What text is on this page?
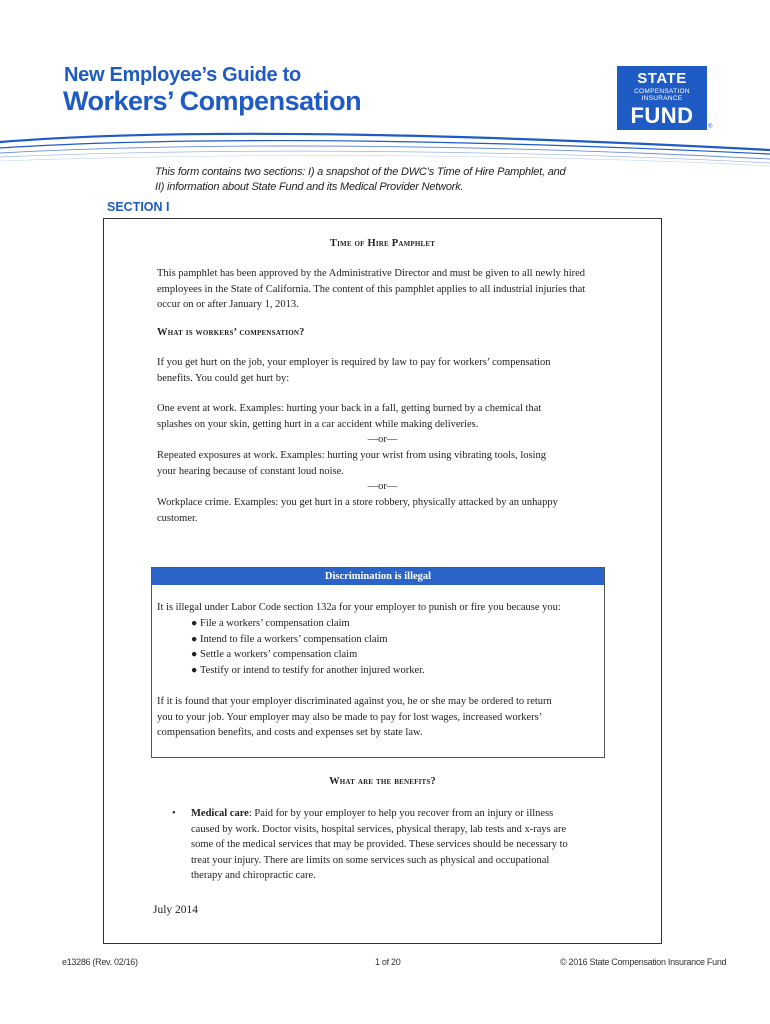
New Employee’s Guide to
Workers’ Compensation
STATE
COMPENSATION
INSURANCE
FUND	®
This form contains two sections: I) a snapshot of the DWC’s Time of Hire Pamphlet, and
II) information about State Fund and its Medical Provider Network.
SECTION I
Time of Hire Pamphlet
This pamphlet has been approved by the Administrative Director and must be given to all newly hired
employees in the State of California. The content of this pamphlet applies to all industrial injuries that
occur on or after January 1, 2013.
What is workers’ compensation?
If you get hurt on the job, your employer is required by law to pay for workers’ compensation
benefits. You could get hurt by:
One event at work. Examples: hurting your back in a fall, getting burned by a chemical that
splashes on your skin, getting hurt in a car accident while making deliveries.
—or—
Repeated exposures at work. Examples: hurting your wrist from using vibrating tools, losing
your hearing because of constant loud noise.
—or—
Workplace crime. Examples: you get hurt in a store robbery, physically attacked by an unhappy
customer.
Discrimination is illegal
It is illegal under Labor Code section 132a for your employer to punish or fire you because you:
● File a workers’ compensation claim
● Intend to file a workers’ compensation claim
● Settle a workers’ compensation claim
● Testify or intend to testify for another injured worker.
If it is found that your employer discriminated against you, he or she may be ordered to return
you to your job. Your employer may also be made to pay for lost wages, increased workers’
compensation benefits, and costs and expenses set by state law.
What are the benefits?
• Medical care: Paid for by your employer to help you recover from an injury or illness
caused by work. Doctor visits, hospital services, physical therapy, lab tests and x-rays are
some of the medical services that may be provided. These services should be necessary to
treat your injury. There are limits on some services such as physical and occupational
therapy and chiropractic care.
July 2014
e13286 (Rev. 02/16)	1 of 20	© 2016 State Compensation Insurance Fund
